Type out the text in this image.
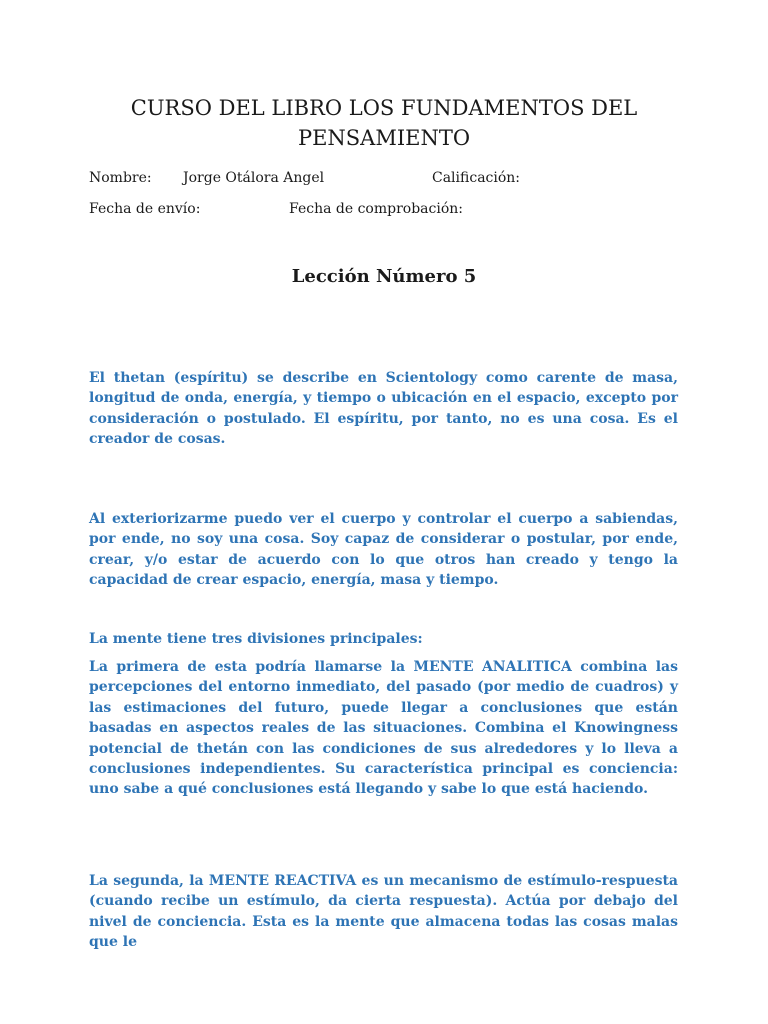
CURSO DEL LIBRO LOS FUNDAMENTOS DEL
PENSAMIENTO
Nombre: Jorge Otálora Angel	Calificación:
Fecha de envío:	Fecha de comprobación:
Lección Número 5
El thetan (espíritu) se describe en Scientology como carente de masa, longitud de onda, energía, y tiempo o ubicación en el espacio, excepto por consideración o postulado. El espíritu, por tanto, no es una cosa. Es el creador de cosas.
Al exteriorizarme puedo ver el cuerpo y controlar el cuerpo a sabiendas, por ende, no soy una cosa. Soy capaz de considerar o postular, por ende, crear, y/o estar de acuerdo con lo que otros han creado y tengo la capacidad de crear espacio, energía, masa y tiempo.
La mente tiene tres divisiones principales:
La primera de esta podría llamarse la MENTE ANALITICA combina las percepciones del entorno inmediato, del pasado (por medio de cuadros) y las estimaciones del futuro, puede llegar a conclusiones que están basadas en aspectos reales de las situaciones. Combina el Knowingness potencial de thetán con las condiciones de sus alrededores y lo lleva a conclusiones independientes. Su característica principal es conciencia: uno sabe a qué conclusiones está llegando y sabe lo que está haciendo.
La segunda, la MENTE REACTIVA es un mecanismo de estímulo-respuesta (cuando recibe un estímulo, da cierta respuesta). Actúa por debajo del nivel de conciencia. Esta es la mente que almacena todas las cosas malas que le
